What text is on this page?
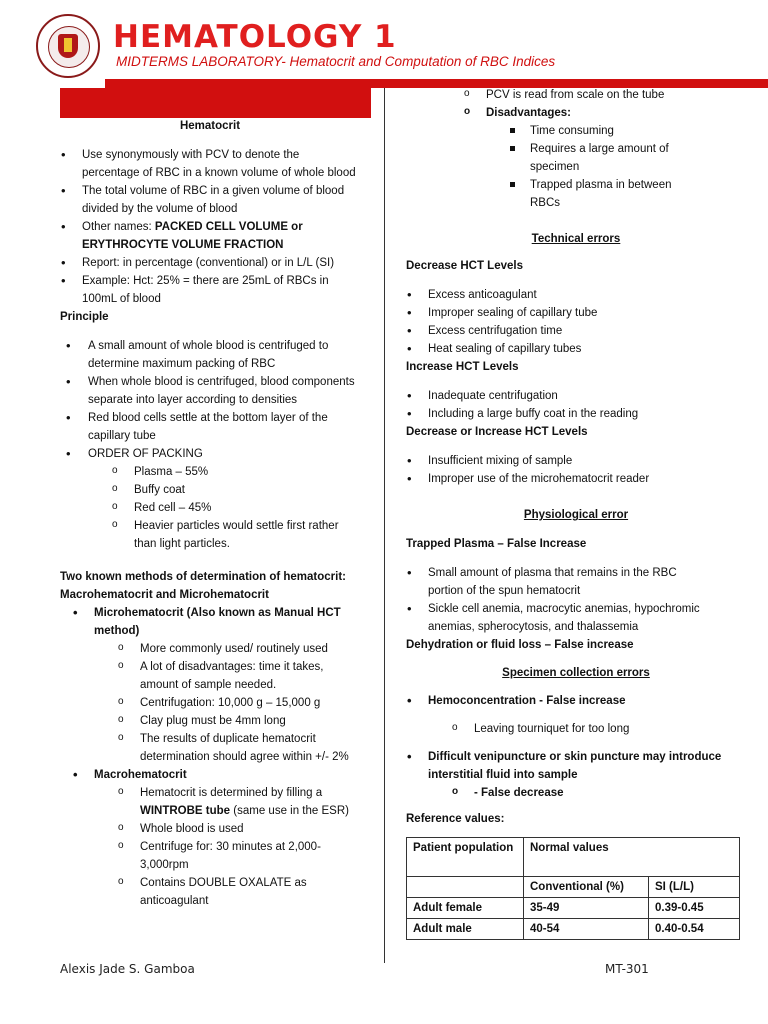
HEMATOLOGY 1

MIDTERMS LABORATORY- Hematocrit and Computation of RBC Indices

Hematocrit

• Use synonymously with PCV to denote the percentage of RBC in a known volume of whole blood
• The total volume of RBC in a given volume of blood divided by the volume of blood
• Other names: PACKED CELL VOLUME or ERYTHROCYTE VOLUME FRACTION
• Report: in percentage (conventional) or in L/L (SI)
• Example: Hct: 25% = there are 25mL of RBCs in 100mL of blood

Principle

• A small amount of whole blood is centrifuged to determine maximum packing of RBC
• When whole blood is centrifuged, blood components separate into layer according to densities
• Red blood cells settle at the bottom layer of the capillary tube
• ORDER OF PACKING
o Plasma – 55%
o Buffy coat
o Red cell – 45%
o Heavier particles would settle first rather than light particles.

Two known methods of determination of hematocrit:

Macrohematocrit and Microhematocrit

• Microhematocrit (Also known as Manual HCT method)
o More commonly used/ routinely used
o A lot of disadvantages: time it takes, amount of sample needed.
o Centrifugation: 10,000 g – 15,000 g
o Clay plug must be 4mm long
o The results of duplicate hematocrit determination should agree within +/- 2%
• Macrohematocrit
o Hematocrit is determined by filling a WINTROBE tube (same use in the ESR)
o Whole blood is used
o Centrifuge for: 30 minutes at 2,000-3,000rpm
o Contains DOUBLE OXALATE as anticoagulant
o PCV is read from scale on the tube
o Disadvantages:
Time consuming
Requires a large amount of specimen
Trapped plasma in between RBCs

Technical errors

Decrease HCT Levels

• Excess anticoagulant
• Improper sealing of capillary tube
• Excess centrifugation time
• Heat sealing of capillary tubes

Increase HCT Levels

• Inadequate centrifugation
• Including a large buffy coat in the reading

Decrease or Increase HCT Levels

• Insufficient mixing of sample
• Improper use of the microhematocrit reader

Physiological error

Trapped Plasma – False Increase

• Small amount of plasma that remains in the RBC portion of the spun hematocrit
• Sickle cell anemia, macrocytic anemias, hypochromic anemias, spherocytosis, and thalassemia

Dehydration or fluid loss – False increase

Specimen collection errors

• Hemoconcentration - False increase
o Leaving tourniquet for too long
• Difficult venipuncture or skin puncture may introduce interstitial fluid into sample
o - False decrease

Reference values:

Patient population	Normal values	
	Conventional (%)	SI (L/L)
Adult female	35-49	0.39-0.45
Adult male	40-54	0.40-0.54
Alexis Jade S. Gamboa	MT-301
